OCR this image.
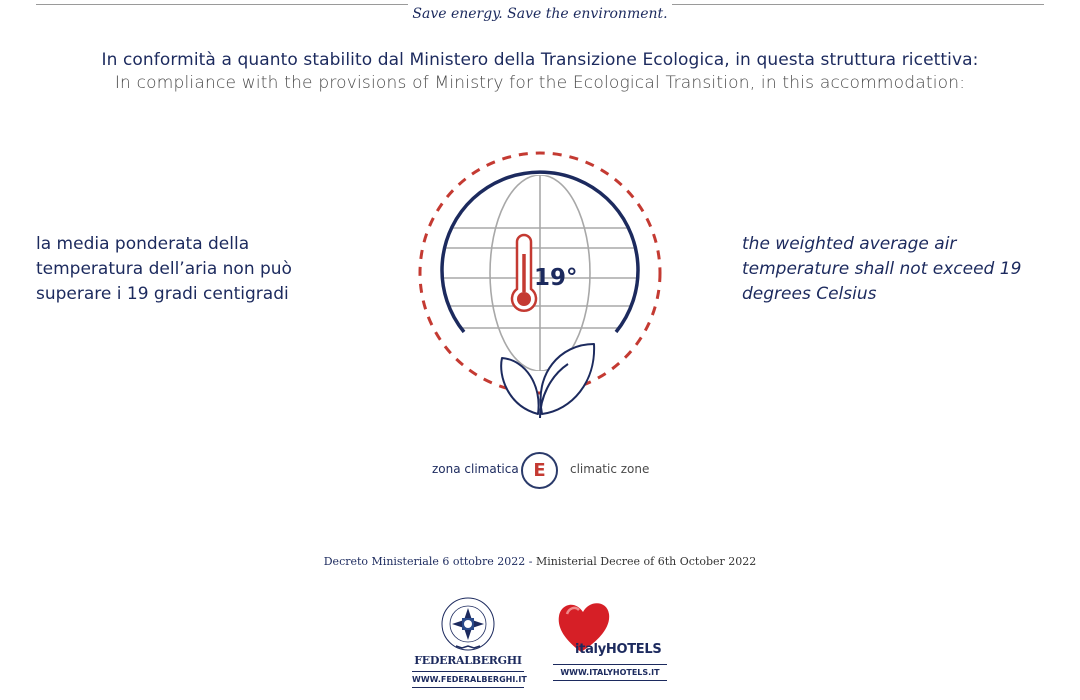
Save energy. Save the environment.
In conformità a quanto stabilito dal Ministero della Transizione Ecologica, in questa struttura ricettiva:
In compliance with the provisions of Ministry for the Ecological Transition, in this accommodation:
la media ponderata della temperatura dell’aria non può superare i 19 gradi centigradi
the weighted average air temperature shall not exceed 19 degrees Celsius
19°
zona climatica E	climatic zone
Decreto Ministeriale 6 ottobre 2022 - Ministerial Decree of 6th October 2022
FEDERALBERGHI
WWW.FEDERALBERGHI.IT
italyHOTELS
WWW.ITALYHOTELS.IT
